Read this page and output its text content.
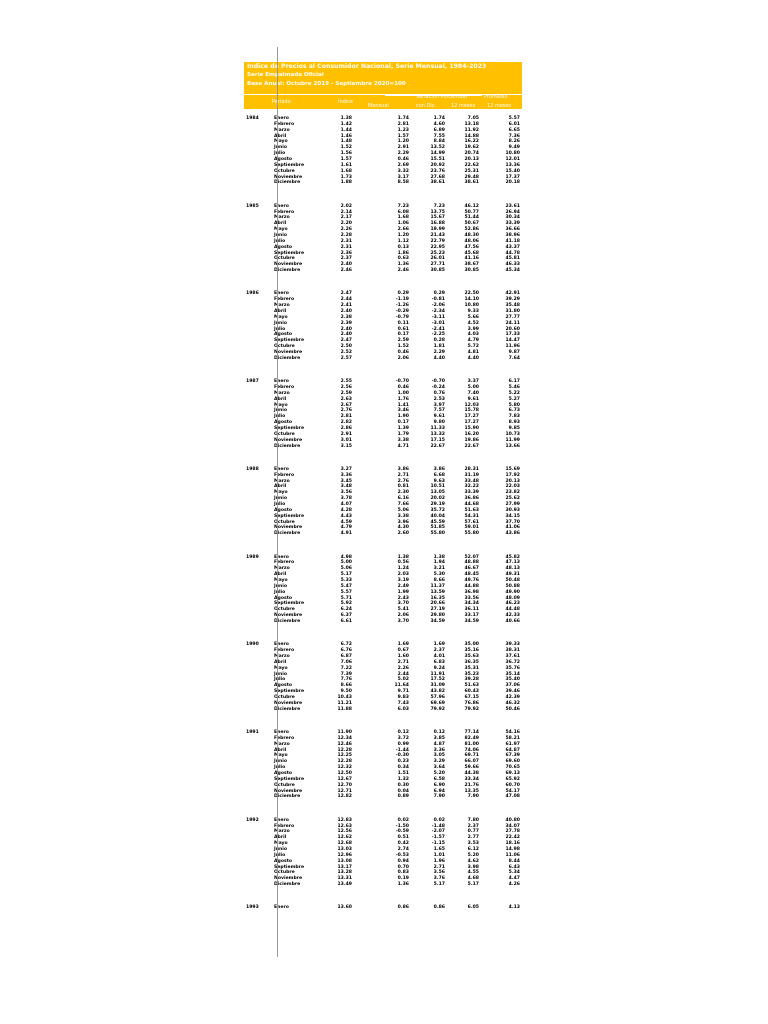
Indice de Precios al Consumidor Nacional, Serie Mensual, 1984-2023
Serie Empalmada Oficial
Base Anual: Octubre 2019 - Septiembre 2020=100
Período	Índice
Variación Porcentual	Promedio
Mensual	con Dic.	12 meses 12 meses
1984	Enero	1.38	1.74	1.74	7.05	5.57
Febrero	1.42	2.81	4.60	13.18	6.01
Marzo	1.44	1.23	6.89	11.92	6.65
Abril	1.46	1.57	7.55	14.88	7.36
Mayo	1.48	1.20	8.84	16.22	8.26
Junio	1.52	2.91	13.52	19.62	9.49
Julio	1.56	2.29	14.99	20.74	10.80
Agosto	1.57	0.46	15.51	20.13	12.01
Septiembre	1.61	2.69	20.92	22.62	13.36
Octubre	1.68	3.32	23.76	25.31	15.40
Noviembre	1.73	3.17	27.68	29.48	17.37
Diciembre	1.88	8.58	38.61	38.61	20.18
1985	Enero	2.02	7.23	7.23	46.12	23.61
Febrero	2.14	6.08	13.75	50.77	26.94
Marzo	2.17	1.68	15.67	51.44	30.34
Abril	2.20	1.06	16.88	50.67	33.39
Mayo	2.26	2.66	19.99	52.86	36.66
Junio	2.28	1.20	21.43	48.30	38.96
Julio	2.31	1.12	22.79	48.06	41.18
Agosto	2.31	0.13	22.95	47.56	43.37
Septiembre	2.36	1.86	25.23	45.68	44.78
Octubre	2.37	0.63	26.01	41.16	45.81
Noviembre	2.40	1.36	27.71	38.67	46.33
Diciembre	2.46	2.46	30.85	30.85	45.34
1986	Enero	2.47	0.29	0.29	22.50	42.91
Febrero	2.44	-1.19	-0.81	14.10	39.29
Marzo	2.41	-1.26	-2.06	10.80	35.48
Abril	2.40	-0.29	-2.34	9.33	31.80
Mayo	2.38	-0.79	-3.11	5.66	27.77
Junio	2.39	0.11	-3.01	4.52	24.11
Julio	2.40	0.61	-2.41	3.99	20.60
Agosto	2.40	0.17	-2.25	4.03	17.33
Septiembre	2.47	2.59	0.28	4.79	14.47
Octubre	2.50	1.52	1.81	5.72	11.96
Noviembre	2.52	0.46	2.29	4.81	9.87
Diciembre	2.57	2.06	4.40	4.40	7.64
1987	Enero	2.55	-0.70	-0.70	3.37	6.17
Febrero	2.56	0.46	-0.24	5.00	5.46
Marzo	2.59	1.00	0.76	7.40	5.22
Abril	2.63	1.76	2.53	9.61	5.27
Mayo	2.67	1.41	3.97	12.03	5.80
Junio	2.76	3.46	7.57	15.78	6.73
Julio	2.81	1.90	9.61	17.27	7.83
Agosto	2.82	0.17	9.80	17.27	8.93
Septiembre	2.86	1.39	11.33	15.90	9.85
Octubre	2.91	1.79	13.32	16.20	10.73
Noviembre	3.01	3.38	17.15	19.86	11.99
Diciembre	3.15	4.71	22.67	22.67	13.66
1988	Enero	3.27	3.86	3.86	28.31	15.69
Febrero	3.36	2.71	6.68	31.19	17.92
Marzo	3.45	2.76	9.63	33.48	20.13
Abril	3.48	0.81	10.51	32.22	22.03
Mayo	3.56	2.30	13.05	33.39	23.82
Junio	3.78	6.16	20.02	36.86	25.62
Julio	4.07	7.66	29.19	44.68	27.99
Agosto	4.28	5.06	35.72	51.63	30.93
Septiembre	4.43	3.38	40.04	54.31	34.15
Octubre	4.59	3.96	45.59	57.61	37.70
Noviembre	4.79	4.30	51.85	59.01	41.06
Diciembre	4.91	2.60	55.80	55.80	43.86
1989	Enero	4.98	1.38	1.38	52.07	45.82
Febrero	5.00	0.56	1.94	48.88	47.13
Marzo	5.06	1.24	3.21	46.67	48.13
Abril	5.17	2.03	5.30	48.45	49.31
Mayo	5.33	3.19	8.66	49.76	50.48
Junio	5.47	2.49	11.37	44.88	50.88
Julio	5.57	1.99	13.59	36.98	49.90
Agosto	5.71	2.43	16.35	33.56	48.09
Septiembre	5.92	3.70	20.66	34.34	46.23
Octubre	6.24	5.41	27.19	36.11	44.48
Noviembre	6.37	2.06	29.80	33.17	42.33
Diciembre	6.61	3.70	34.59	34.59	40.66
1990	Enero	6.72	1.69	1.69	35.00	39.33
Febrero	6.76	0.67	2.37	35.16	38.31
Marzo	6.87	1.60	4.01	35.63	37.61
Abril	7.06	2.71	6.83	36.35	36.72
Mayo	7.22	2.26	9.24	35.31	35.76
Junio	7.39	2.44	11.91	35.23	35.14
Julio	7.76	5.02	17.52	39.28	35.40
Agosto	8.66	11.64	31.09	51.63	37.06
Septiembre	9.50	9.71	43.82	60.43	39.46
Octubre	10.43	9.83	57.96	67.15	42.39
Noviembre	11.21	7.43	69.69	76.86	46.32
Diciembre	11.88	6.03	79.92	79.92	50.46
1991	Enero	11.90	0.12	0.12	77.14	54.16
Febrero	12.34	3.72	3.85	82.49	58.21
Marzo	12.46	0.99	4.87	81.00	61.97
Abril	12.28	-1.44	3.36	74.06	64.87
Mayo	12.25	-0.30	3.05	69.71	67.39
Junio	12.28	0.23	3.29	66.07	69.60
Julio	12.32	0.34	3.64	59.66	70.65
Agosto	12.50	1.51	5.20	44.38	69.13
Septiembre	12.67	1.32	6.58	33.34	65.92
Octubre	12.70	0.30	6.90	21.76	60.70
Noviembre	12.71	0.04	6.94	13.35	54.17
Diciembre	12.82	0.89	7.90	7.90	47.08
1992	Enero	12.83	0.02	0.02	7.80	40.80
Febrero	12.63	-1.50	-1.48	2.37	34.07
Marzo	12.56	-0.59	-2.07	0.77	27.78
Abril	12.62	0.51	-1.57	2.77	22.42
Mayo	12.68	0.42	-1.15	3.53	18.16
Junio	13.03	2.74	1.65	6.12	14.98
Julio	12.96	-0.53	1.01	5.20	11.06
Agosto	13.08	0.94	1.96	4.62	8.44
Septiembre	13.17	0.70	2.71	3.98	6.43
Octubre	13.28	0.83	3.56	4.55	5.34
Noviembre	13.31	0.19	3.76	4.68	4.47
Diciembre	13.49	1.36	5.17	5.17	4.26
1993	Enero	13.60	0.86	0.86	6.05	4.13
